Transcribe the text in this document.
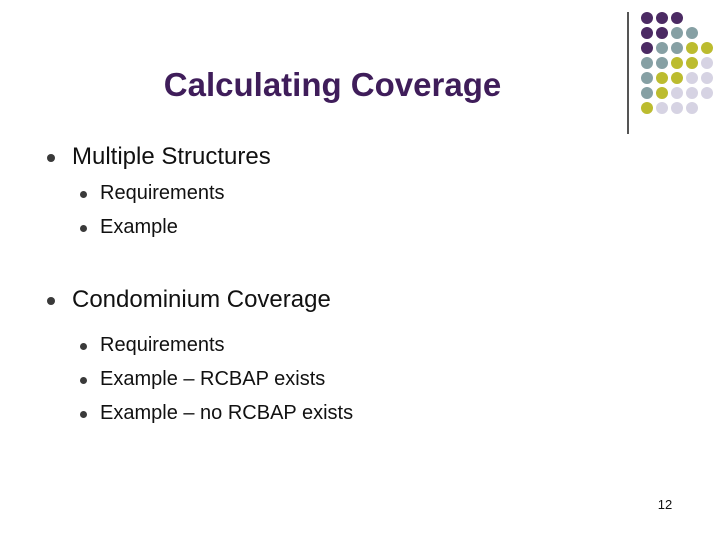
Calculating Coverage
Multiple Structures
Requirements
Example
Condominium Coverage
Requirements
Example – RCBAP exists
Example – no RCBAP exists
12
